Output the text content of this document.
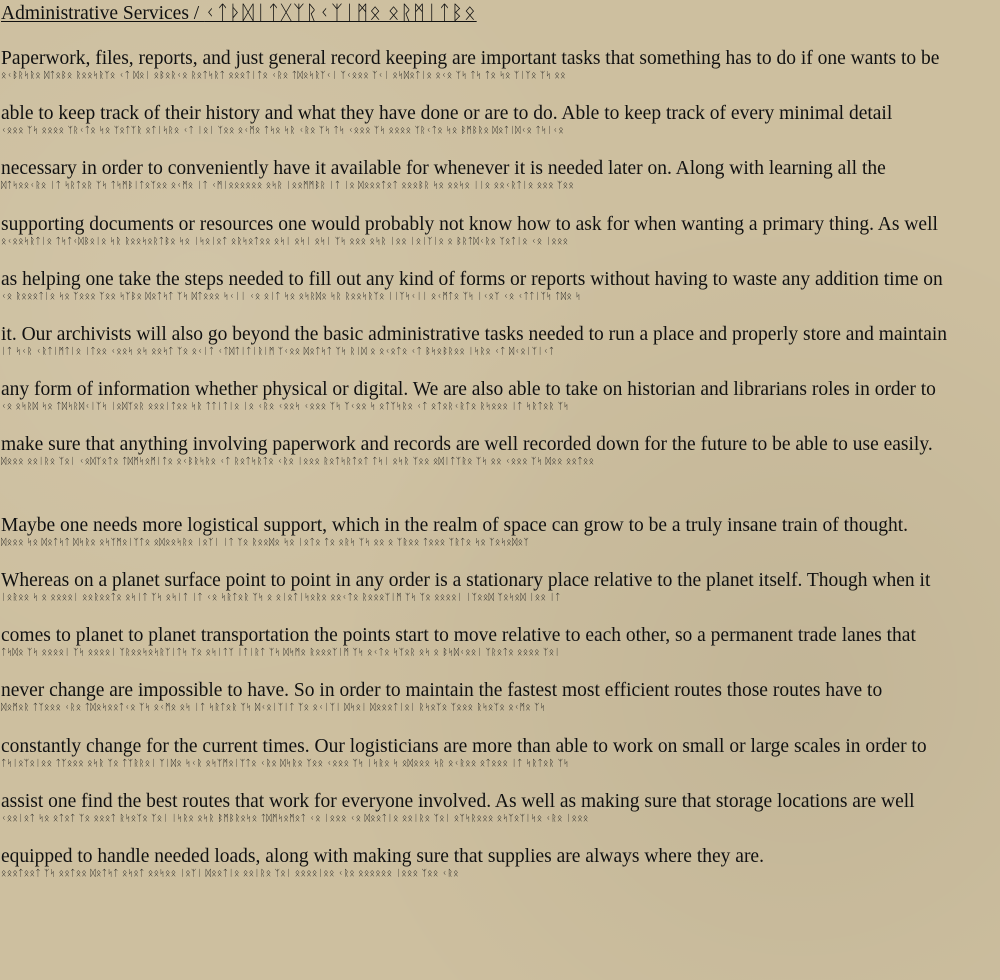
Administrative Services / ᚲᛏᚦᛞᛁᛏᚷᛉᚱᚲᛉᛁᛗᛟ ᛟᚱᛗᛁᛏᛒᛟ
Paperwork, files, reports, and just general record keeping are important tasks that something has to do if one wants to be
ᛟᚲᛒᚱᛋᚱᛟ ᛞᛏᛟᛒᛟ ᚱᛟᛟᛋᚱᛉᛟ ᚲᛏ ᛞᛟᛁ ᛟᛒᛟᚱᚲᛟ ᚱᛟᛏᛋᚱᛏ ᛟᛟᛟᛏᛁᛏᛟ ᚲᚱᛟ ᛏᛞᛟᛋᚱᛉᚲᛁ ᛉᚲᛟᛟᛟ ᛉᚲᛁ ᛟᛋᛞᛟᛏᛁᛟ ᛟᚲᛟ ᛉᛋ ᛏᛋ ᛏᛟ ᛋᛟ ᛉᛁᛉᛟ ᛉᛋ ᛟᛟ
able to keep track of their history and what they have done or are to do. Able to keep track of every minimal detail
ᚲᛟᛟᛟ ᛉᛋ ᛟᛟᛟᛟ ᛉᚱᚲᛏᛟ ᛋᛟ ᛉᛟᛏᛉᚱ ᛟᛏᛁᛋᚱᛟ ᚲᛏ ᛁᛟᛁ ᛉᛟᛟ ᛟᚲᛗᛟ ᛏᛋᛟ ᛋᚱ ᚲᚱᛟ ᛉᛋ ᛏᛋ ᚲᛟᛟᛟ ᛉᛋ ᛟᛟᛟᛟ ᛉᚱᚲᛏᛟ ᛋᛟ ᛒᛗᛒᚱᛟ ᛞᛟᛏᛁᛞᚲᛟ ᛏᛋᛁᚲᛟ
necessary in order to conveniently have it available for whenever it is needed later on. Along with learning all the
ᛞᛏᛋᛟᛟᚲᚱᛟ ᛁᛏ ᛋᚱᛏᛟᚱ ᛉᛋ ᛏᛋᛗᛒᛁᛏᛟᛉᛟᛟ ᛟᚲᛗᛟ ᛁᛏ ᚲᛗᛁᛟᛟᛟᛟᛟᛟ ᛟᛋᚱ ᛁᛟᛟᛗᛗᛒᚱ ᛁᛏ ᛁᛟ ᛞᛟᛟᛟᛏᛟᛏ ᛟᛟᛟᛒᚱ ᛋᛟ ᛟᛟᛋᛟ ᛁᛁᛟ ᛟᛟᚲᚱᛏᛁᛟ ᛟᛟᛟ ᛉᛟᛟ
supporting documents or resources one would probably not know how to ask for when wanting a primary thing. As well
ᛟᚲᛟᛟᛋᚱᛏᛁᛟ ᛏᛋᛏᚲᛞᛒᛟᛁᛟ ᛋᚱ ᚱᛟᛟᛋᛟᚱᛏᛒᛟ ᛋᛟ ᛁᛋᛟᛁᛟᛏ ᛟᚱᛋᛟᛏᛟᛟ ᛟᛋᛁ ᛟᛋᛁ ᛟᛋᛁ ᛉᛋ ᛟᛟᛟ ᛟᛋᚱ ᛁᛟᛟ ᛁᛟᛁᛉᛁᛟ ᛟ ᛒᚱᛏᛞᚲᚱᛟ ᛉᛟᛏᛁᛟ ᚲᛟ ᛁᛟᛟᛟ
as helping one take the steps needed to fill out any kind of forms or reports without having to waste any addition time on
ᚲᛟ ᚱᛟᛟᛟᛏᛁᛟ ᛋᛟ ᛉᛟᛟᛟ ᛉᛟᛟ ᛋᛉᛒᛟ ᛞᛟᛏᛋᛏ ᛉᛋ ᛞᛏᛟᛟᛟ ᛋᚲᛁᛁ ᚲᛟ ᛟᛁᛏ ᛋᛟ ᛟᛋᚱᛞᛟ ᛋᚱ ᚱᛟᛟᛋᚱᛉᛟ ᛁᛁᛉᛋᚲᛁᛁ ᛟᚲᛗᛏᛟ ᛉᛋ ᛁᚲᛟᛉ ᚲᛟ ᚲᛏᛏᛁᛉᛋ ᛏᛞᛟ ᛋ
it. Our archivists will also go beyond the basic administrative tasks needed to run a place and properly store and maintain
ᛁᛏ ᛋᚲᚱ ᚲᚱᛏᛁᛗᛏᛁᛟ ᛁᛏᛟᛟ ᚲᛟᛟᛋ ᛟᛋ ᛟᛟᛋᛏ ᛉᛟ ᛟᚲᛁᛏ ᚲᛏᛞᛏᛁᛏᛁᚱᛁᛗ ᛉᚲᛟᛟ ᛞᛟᛏᛋᛏ ᛉᛋ ᚱᛁᛞ ᛟ ᛟᚲᛟᛏᛟ ᚲᛏ ᛒᛋᛟᛒᚱᛟᛟ ᛁᛋᚱᛟ ᚲᛏ ᛞᚲᛟᛁᛉᛁᚲᛏ
any form of information whether physical or digital. We are also able to take on historian and librarians roles in order to
ᚲᛟ ᛟᛋᚱᛞ ᛋᛟ ᛏᛞᛋᚱᛞᚲᛁᛉᛋ ᛁᛟᛞᛉᛟᚱ ᛟᛟᛟᛁᛏᛟᛟ ᛋᚱ ᛏᛏᛁᛏᛁᛟ ᛁᛟ ᚲᚱᛟ ᚲᛟᛟᛋ ᚲᛟᛟᛟ ᛉᛋ ᛉᚲᛟᛟ ᛋ ᛟᛏᛉᛋᚱᛟ ᚲᛏ ᛟᛏᛟᚱᚲᚱᛏᛟ ᚱᛋᛟᛟᛟ ᛁᛏ ᛋᚱᛏᛟᚱ ᛉᛋ
make sure that anything involving paperwork and records are well recorded down for the future to be able to use easily.
ᛞᛟᛟᛟ ᛟᛟᛁᚱᛟ ᛉᛟᛁ ᚲᛟᛞᛉᛟᛏᛟ ᛏᛞᛗᛋᛟᛗᛁᛏᛟ ᛟᚲᛒᚱᛋᚱᛟ ᚲᛏ ᚱᛟᛏᛋᚱᛏᛟ ᚲᚱᛟ ᛁᛟᛟᛟ ᚱᛟᛏᛋᚱᛏᛟᛏ ᛏᛋᛁ ᛟᛋᚱ ᛉᛟᛟ ᛟᛞᛁᛏᛉᚱᛟ ᛉᛋ ᛟᛟ ᚲᛟᛟᛟ ᛉᛋ ᛞᛟᛟ ᛟᛟᛏᛟᛟ
Maybe one needs more logistical support, which in the realm of space can grow to be a truly insane train of thought.
ᛞᛟᛟᛟ ᛋᛟ ᛞᛟᛏᛋᛏ ᛞᛋᚱᛟ ᛟᛋᛉᛗᛟᛁᛉᛏᛟ ᛟᛞᛟᛟᛋᚱᛟ ᛁᛟᛉᛁ ᛁᛏ ᛉᛟ ᚱᛟᛟᛞᛟ ᛋᛟ ᛁᛟᛏᛟ ᛏᛟ ᛟᚱᛋ ᛉᛋ ᛟᛟ ᛟ ᛉᚱᛟᛟ ᛏᛟᛟᛟ ᛉᚱᛏᛟ ᛋᛟ ᛉᛟᛋᛟᛞᛟᛉ
Whereas on a planet surface point to point in any order is a stationary place relative to the planet itself. Though when it
ᛁᛟᚱᛟᛟ ᛋ ᛟ ᛟᛟᛟᛟᛁ ᛟᛟᚱᛟᛟᛏᛟ ᛟᛋᛁᛏ ᛉᛋ ᛟᛋᛁᛏ ᛁᛏ ᚲᛟ ᛋᚱᛏᛟᚱ ᛉᛋ ᛟ ᛟᛁᛟᛏᛁᛋᛟᚱᛟ ᛟᛟᚲᛏᛟ ᚱᛟᛟᛟᛉᛁᛗ ᛉᛋ ᛉᛟ ᛟᛟᛟᛟᛁ ᛁᛉᛟᛟᛞ ᛉᛟᛋᛟᛞ ᛁᛟᛟ ᛁᛏ
comes to planet to planet transportation the points start to move relative to each other, so a permanent trade lanes that
ᛏᛋᛞᛟ ᛉᛋ ᛟᛟᛟᛟᛁ ᛉᛋ ᛟᛟᛟᛟᛁ ᛉᚱᛟᛟᛋᛟᛋᚱᛉᛁᛏᛋ ᛉᛟ ᛟᛋᛁᛏᛉ ᛁᛏᛁᚱᛏ ᛉᛋ ᛞᛋᛗᛟ ᚱᛟᛟᛟᛉᛁᛗ ᛉᛋ ᛟᚲᛏᛟ ᛋᛉᛟᚱ ᛟᛋ ᛟ ᛒᛋᛞᚲᛟᛟᛁ ᛉᚱᛟᛏᛟ ᛟᛟᛟᛟ ᛉᛟᛁ
never change are impossible to have. So in order to maintain the fastest most efficient routes those routes have to
ᛞᛟᛗᛟᚱ ᛏᛉᛟᛟᛟ ᚲᚱᛟ ᛏᛞᛟᛋᛟᛟᛏᚲᛟ ᛉᛋ ᛟᚲᛗᛟ ᛟᛋ ᛁᛏ ᛋᚱᛏᛟᚱ ᛉᛋ ᛞᚲᛟᛁᛉᛁᛏ ᛉᛟ ᛟᚲᛁᛉᛁ ᛞᛋᛟᛁ ᛞᛟᛟᛟᛏᛁᛟᛁ ᚱᛋᛟᛉᛟ ᛉᛟᛟᛟ ᚱᛋᛟᛉᛟ ᛟᚲᛗᛟ ᛉᛋ
constantly change for the current times. Our logisticians are more than able to work on small or large scales in order to
ᛏᛋᛁᛟᛉᛟᛁᛟᛟ ᛏᛉᛟᛟᛟ ᛟᛋᚱ ᛉᛟ ᛏᛉᚱᚱᛟᛁ ᛉᛁᛞᛟ ᛋᚲᚱ ᛟᛋᛉᛗᛟᛁᛉᛏᛟ ᚲᚱᛟ ᛞᛋᚱᛟ ᛉᛟᛟ ᚲᛟᛟᛟ ᛉᛋ ᛁᛋᚱᛟ ᛋ ᛟᛞᛟᛟᛟ ᛋᚱ ᛟᚲᚱᛟᛟ ᛟᛏᛟᛟᛟ ᛁᛏ ᛋᚱᛏᛟᚱ ᛉᛋ
assist one find the best routes that work for everyone involved. As well as making sure that storage locations are well
ᚲᛟᛟᛁᛟᛏ ᛋᛟ ᛟᛏᛟᛏ ᛉᛟ ᛟᛟᛟᛏ ᚱᛋᛟᛉᛟ ᛉᛟᛁ ᛁᛋᚱᛟ ᛟᛋᚱ ᛒᛗᛒᚱᛟᛋᛟ ᛏᛞᛗᛋᛟᛗᛟᛏ ᚲᛟ ᛁᛟᛟᛟ ᚲᛟ ᛞᛟᛟᛏᛁᛟ ᛟᛟᛁᚱᛟ ᛉᛟᛁ ᛟᛉᛋᚱᛟᛟᛟ ᛟᛋᛉᛟᛉᛁᛋᛟ ᚲᚱᛟ ᛁᛟᛟᛟ
equipped to handle needed loads, along with making sure that supplies are always where they are.
ᛟᛟᛟᛏᛟᛟᛏ ᛉᛋ ᛟᛟᛏᛟᛟ ᛞᛟᛏᛋᛏ ᛟᛋᛟᛏ ᛟᛟᛋᛟᛟ ᛁᛟᛉᛁ ᛞᛟᛟᛏᛁᛟ ᛟᛟᛁᚱᛟ ᛉᛟᛁ ᛟᛟᛟᛟᛁᛟᛟ ᚲᚱᛟ ᛟᛟᛟᛟᛟᛟ ᛁᛟᛟᛟ ᛉᛟᛟ ᚲᚱᛟ
